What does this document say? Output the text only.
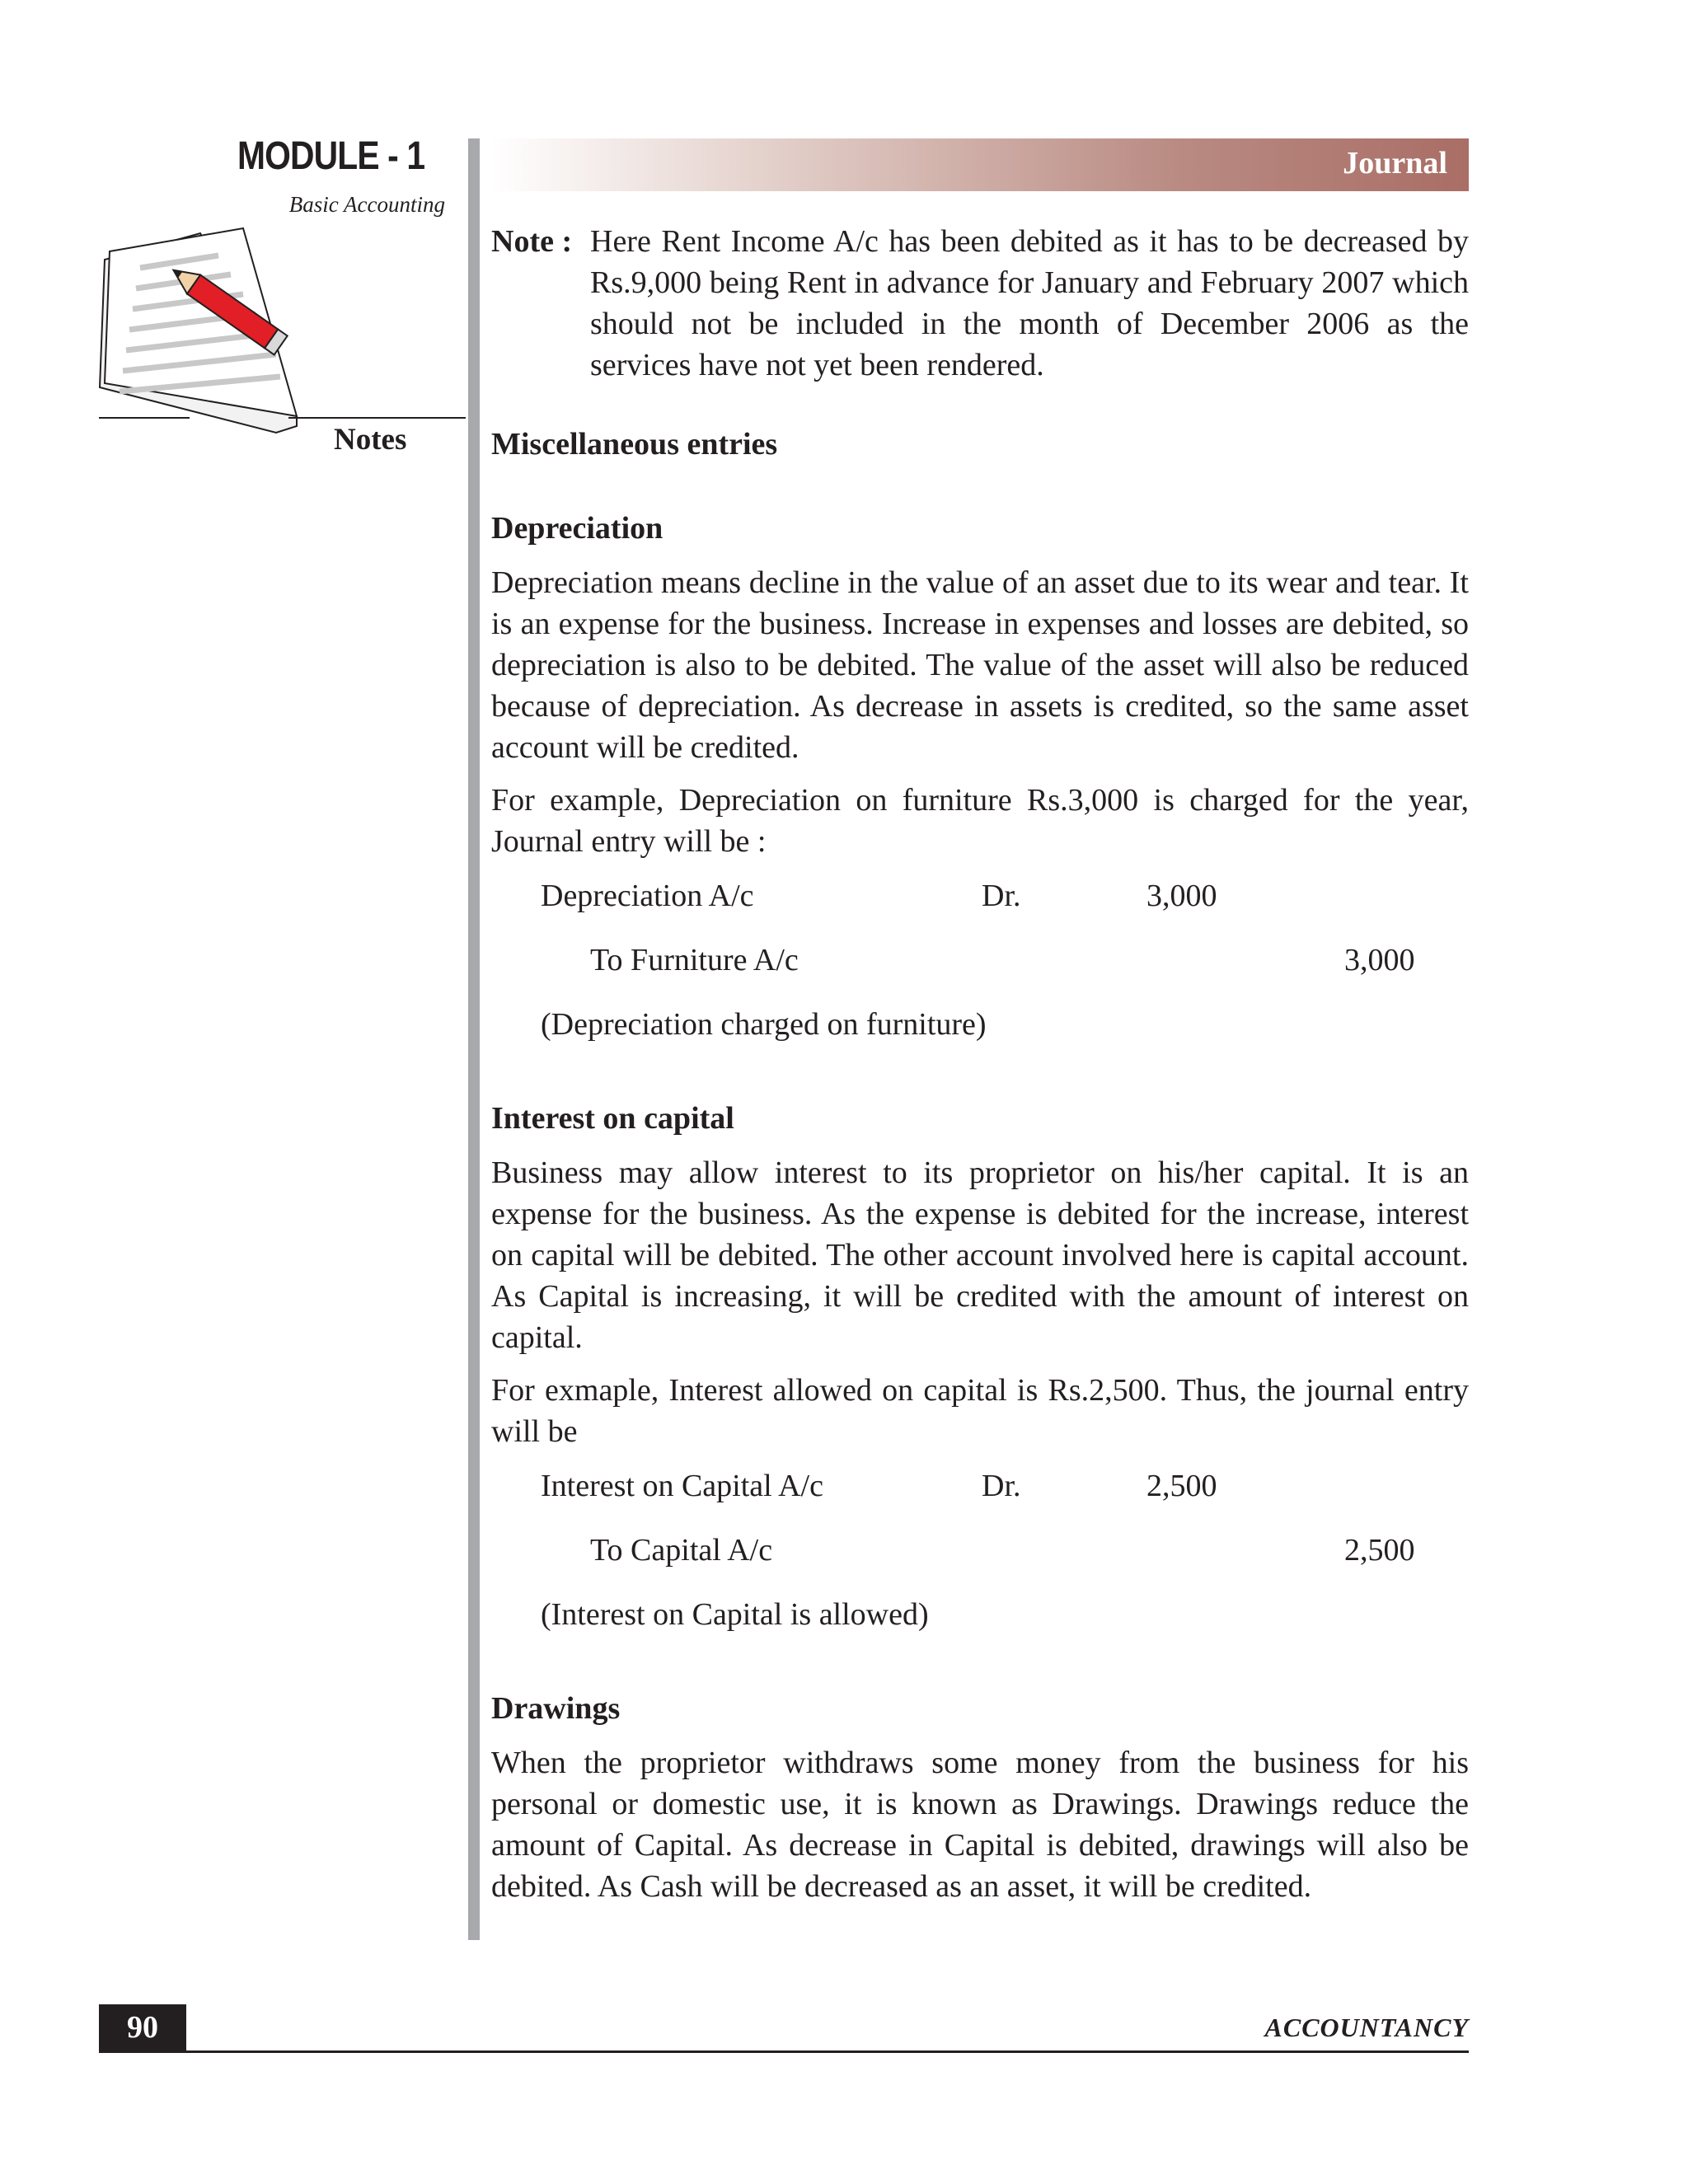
MODULE - 1
Basic Accounting
Notes
Journal
Note : Here Rent Income A/c has been debited as it has to be decreased by Rs.9,000 being Rent in advance for January and February 2007 which should not be included in the month of December 2006 as the services have not yet been rendered.
Miscellaneous entries
Depreciation
Depreciation means decline in the value of an asset due to its wear and tear. It is an expense for the business. Increase in expenses and losses are debited, so depreciation is also to be debited. The value of the asset will also be reduced because of depreciation. As decrease in assets is credited, so the same asset account will be credited.
For example, Depreciation on furniture Rs.3,000 is charged for the year, Journal entry will be :
Depreciation A/c	Dr.	3,000
To Furniture A/c	3,000
(Depreciation charged on furniture)
Interest on capital
Business may allow interest to its proprietor on his/her capital. It is an expense for the business. As the expense is debited for the increase, interest on capital will be debited. The other account involved here is capital account. As Capital is increasing, it will be credited with the amount of interest on capital.
For exmaple, Interest allowed on capital is Rs.2,500. Thus, the journal entry will be
Interest on Capital A/c	Dr.	2,500
To Capital A/c	2,500
(Interest on Capital is allowed)
Drawings
When the proprietor withdraws some money from the business for his personal or domestic use, it is known as Drawings. Drawings reduce the amount of Capital. As decrease in Capital is debited, drawings will also be debited. As Cash will be decreased as an asset, it will be credited.
90	ACCOUNTANCY
